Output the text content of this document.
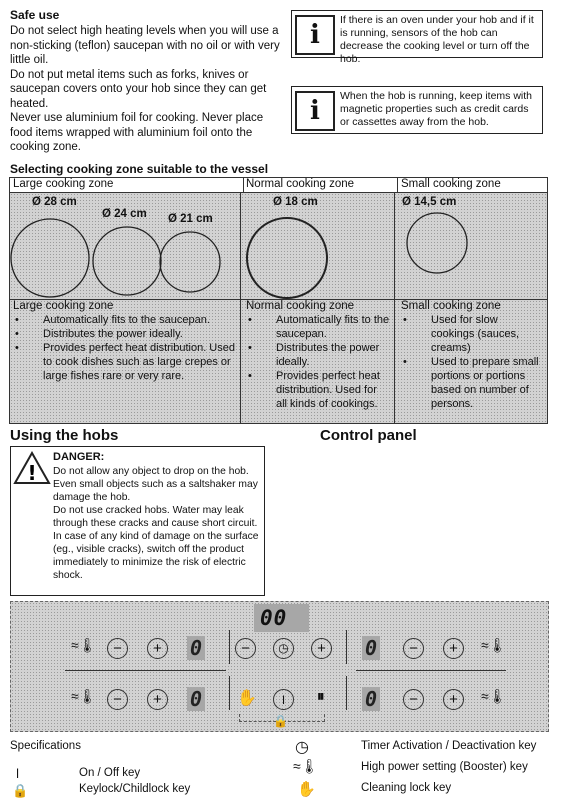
Safe use
Do not select high heating levels when you will use a non-sticking (teflon) saucepan with no oil or with very little oil.
Do not put metal items such as forks, knives or saucepan covers onto your hob since they can get heated.
Never use aluminium foil for cooking. Never place food items wrapped with aluminium foil onto the cooking zone.
i	If there is an oven under your hob and if it is running, sensors of the hob can decrease the cooking level or turn off the hob.
i	When the hob is running, keep items with magnetic properties such as credit cards or cassettes away from the hob.
Selecting cooking zone suitable to the vessel
Large cooking zone	Normal cooking zone	Small cooking zone
Ø 28 cm
Ø 24 cm Ø 21 cm
Ø 18 cm	Ø 14,5 cm
Large cooking zone
•	Automatically fits to the saucepan.
•	Distributes the power ideally.
•	Provides perfect heat distribution. Used to cook dishes such as large crepes or large fishes rare or very rare.
Normal cooking zone
•	Automatically fits to the saucepan.
•	Distributes the power ideally.
•	Provides perfect heat distribution. Used for all kinds of cookings.
Small cooking zone
•	Used for slow cookings (sauces, creams)
•	Used to prepare small portions or portions based on number of persons.
Using the hobs
!
DANGER:
Do not allow any object to drop on the hob. Even small objects such as a saltshaker may damage the hob.
Do not use cracked hobs. Water may leak through these cracks and cause short circuit. In case of any kind of damage on the surface (eg., visible cracks), switch off the product immediately to minimize the risk of electric shock.
Control panel
00
≈🌡	−	+	0
≈🌡	−	+	0
−	◷	+
✋	⏽	⏸
🔒
0	−	+	≈🌡
0	−	+	≈🌡
Specifications
⏽	On / Off key
🔒	Keylock/Childlock key
◷	Timer Activation / Deactivation key
≈🌡	High power setting (Booster) key
✋	Cleaning lock key
